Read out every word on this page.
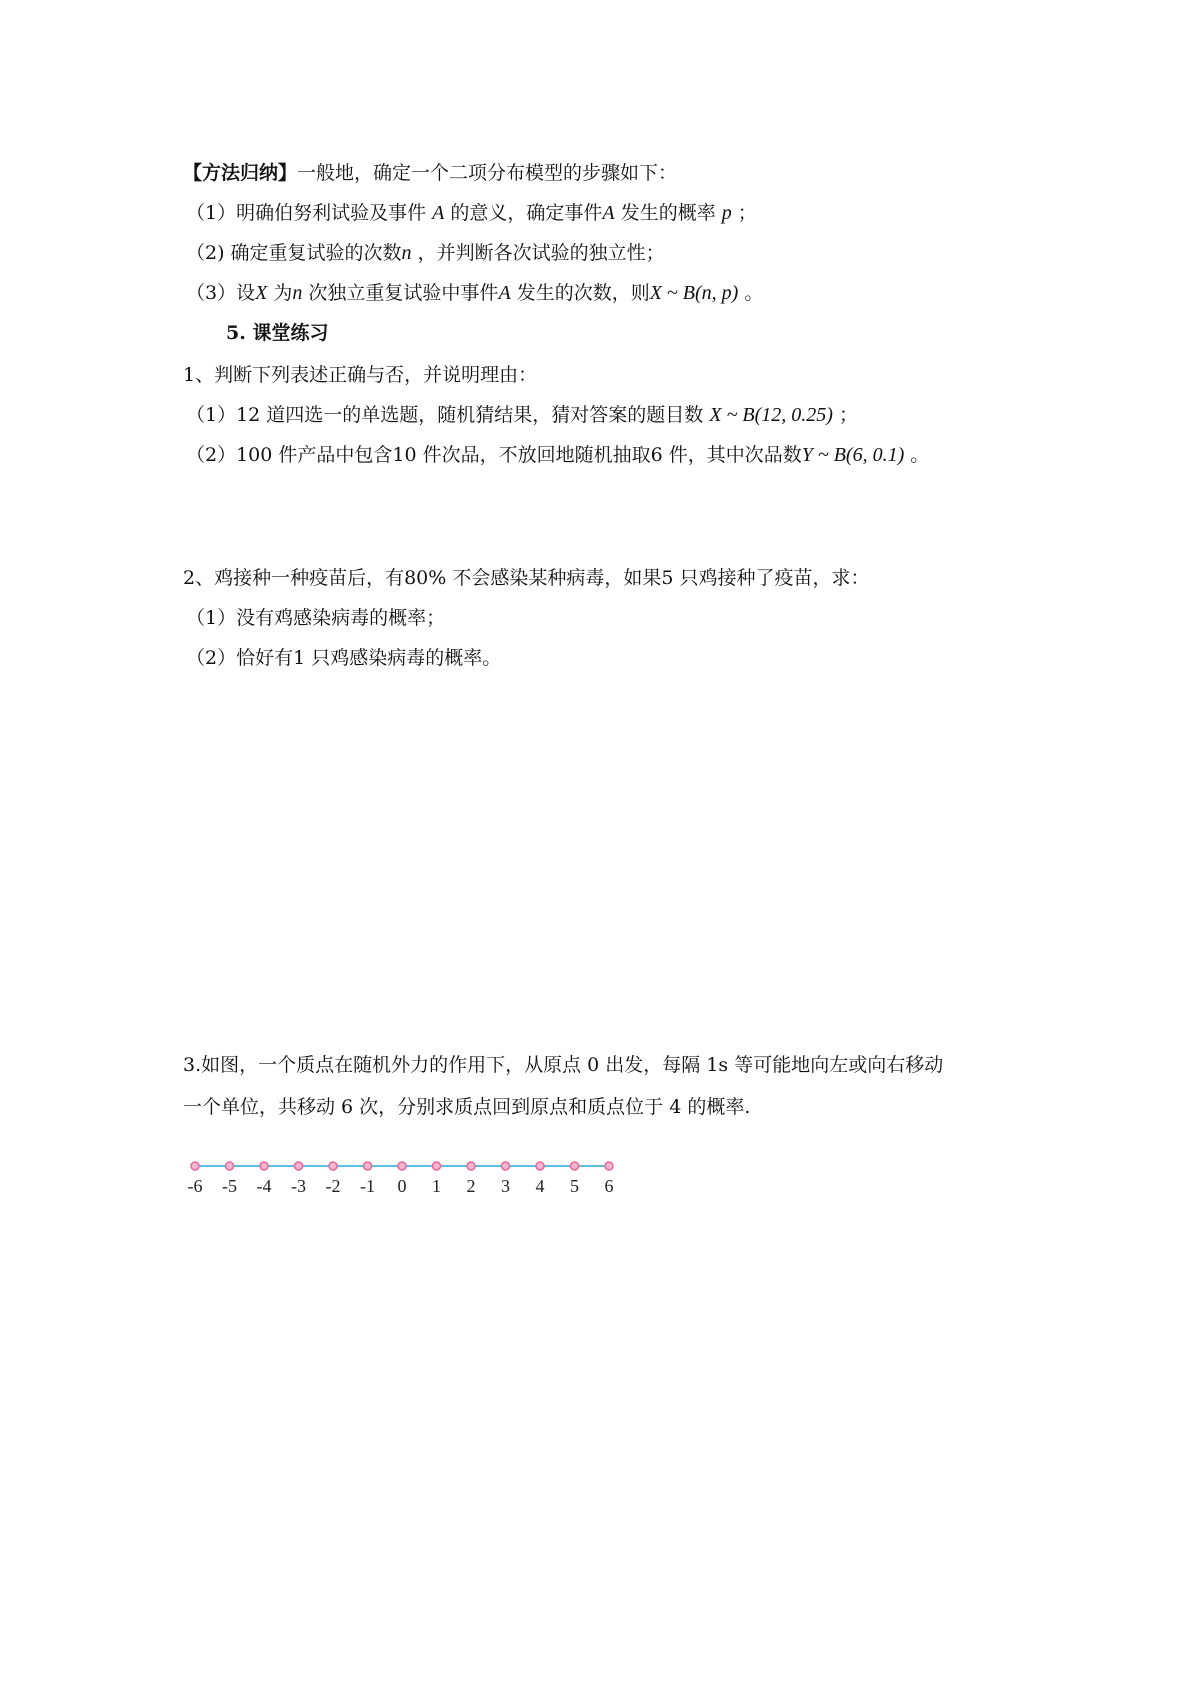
【方法归纳】一般地，确定一个二项分布模型的步骤如下：
（1）明确伯努利试验及事件 A 的意义，确定事件A 发生的概率 p ；
（2) 确定重复试验的次数n ，并判断各次试验的独立性；
（3）设X 为n 次独立重复试验中事件A 发生的次数，则X ~ B(n, p) 。
5. 课堂练习
1、判断下列表述正确与否，并说明理由：
（1）12 道四选一的单选题，随机猜结果，猜对答案的题目数 X ~ B(12, 0.25) ；
（2）100 件产品中包含10 件次品，不放回地随机抽取6 件，其中次品数Y ~ B(6, 0.1) 。
2、鸡接种一种疫苗后，有80% 不会感染某种病毒，如果5 只鸡接种了疫苗，求：
（1）没有鸡感染病毒的概率；
（2）恰好有1 只鸡感染病毒的概率。
3.如图，一个质点在随机外力的作用下，从原点 0 出发，每隔 1s 等可能地向左或向右移动
一个单位，共移动 6 次，分别求质点回到原点和质点位于 4 的概率.
-6 -5 -4 -3 -2 -1 0 1 2 3 4 5 6
